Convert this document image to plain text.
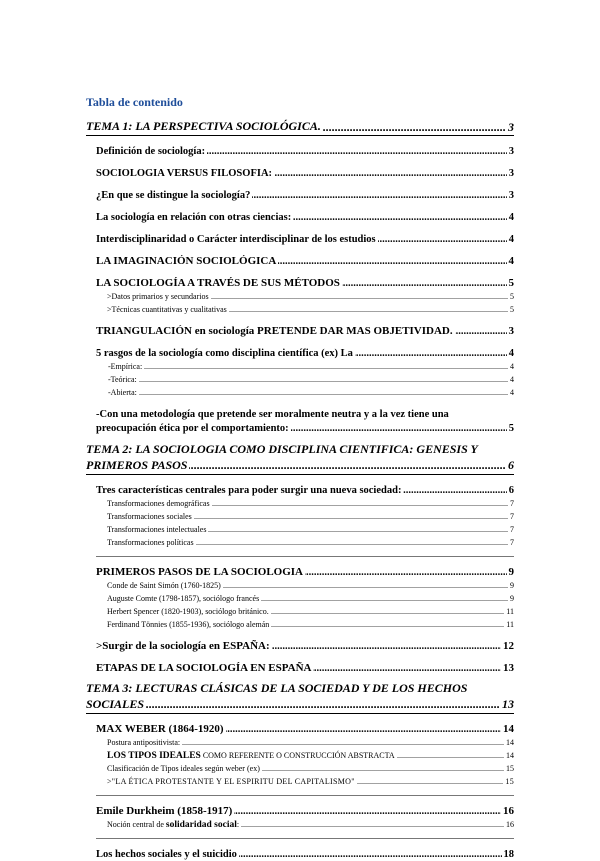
Tabla de contenido
TEMA 1: LA PERSPECTIVA SOCIOLÓGICA.	3
.....
Definición de sociología:	3
.....
SOCIOLOGIA VERSUS FILOSOFIA:	3
.....
¿En que se distingue la sociología?	3
.....
La sociología en relación con otras ciencias:	4
.....
Interdisciplinaridad o Carácter interdisciplinar de los estudios	4
.....
LA IMAGINACIÓN SOCIOLÓGICA	4
.....
LA SOCIOLOGÍA A TRAVÉS DE SUS MÉTODOS	5
.....
>Datos primarios y secundarios	5
.....
>Técnicas cuantitativas y cualitativas	5
.....
TRIANGULACIÓN en sociología PRETENDE DAR MAS OBJETIVIDAD.	3
.....
5 rasgos de la sociología como disciplina científica (ex) La	4
.....
-Empírica:	4
.....
-Teórica:	4
.....
-Abierta:	4
.....
-Con una metodología que pretende ser moralmente neutra y a la vez tiene una
preocupación ética por el comportamiento:	5
.....
TEMA 2: LA SOCIOLOGIA COMO DISCIPLINA CIENTIFICA: GENESIS Y
PRIMEROS PASOS	6
.....
Tres características centrales para poder surgir una nueva sociedad:	6
.....
Transformaciones demográficas	7
.....
Transformaciones sociales	7
.....
Transformaciones intelectuales	7
.....
Transformaciones políticas	7
.....
PRIMEROS PASOS DE LA SOCIOLOGIA	9
.....
Conde de Saint Simón (1760-1825)	9
.....
Auguste Comte (1798-1857), sociólogo francés	9
.....
Herbert Spencer (1820-1903), sociólogo británico.	11
.....
Ferdinand Tönnies (1855-1936), sociólogo alemán	11
.....
>Surgir de la sociología en ESPAÑA:	12
.....
ETAPAS DE LA SOCIOLOGÍA EN ESPAÑA	13
.....
TEMA 3: LECTURAS CLÁSICAS DE LA SOCIEDAD Y DE LOS HECHOS
SOCIALES	13
.....
MAX WEBER (1864-1920)	14
.....
Postura antipositivista:	14
.....
LOS TIPOS IDEALES COMO REFERENTE O CONSTRUCCIÓN ABSTRACTA	14
.....
Clasificación de Tipos ideales según weber (ex)	15
.....
>"LA ÉTICA PROTESTANTE Y EL ESPIRITU DEL CAPITALISMO"	15
.....
Emile Durkheim (1858-1917)	16
.....
Noción central de solidaridad social:	16
.....
Los hechos sociales y el suicidio	18
.....
